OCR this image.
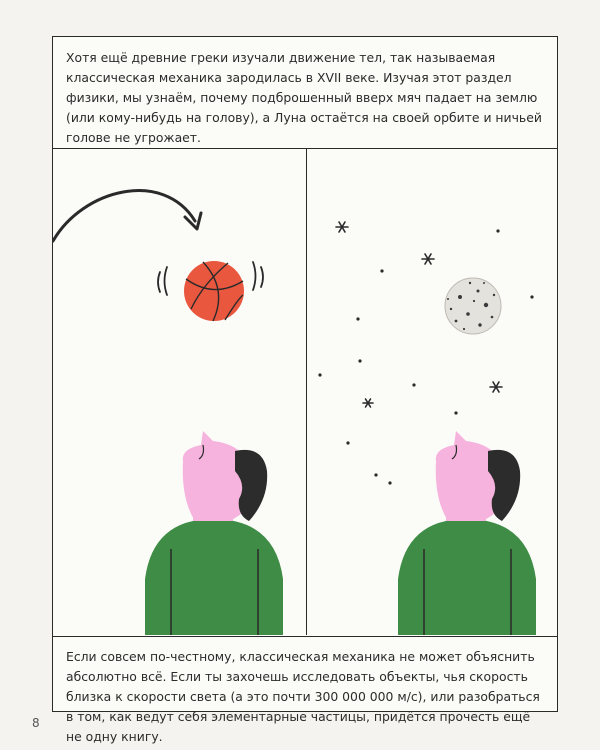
Хотя ещё древние греки изучали движение тел, так называемая классическая механика зародилась в XVII веке. Изучая этот раздел физики, мы узнаём, почему подброшенный вверх мяч падает на землю (или кому-нибудь на голову), а Луна остаётся на своей орбите и ничьей голове не угрожает.
Если совсем по-честному, классическая механика не может объяснить абсолютно всё. Если ты захочешь исследовать объекты, чья скорость близка к скорости света (а это почти 300 000 000 м/с), или разобраться в том, как ведут себя элементарные частицы, придётся прочесть ещё не одну книгу.
8
